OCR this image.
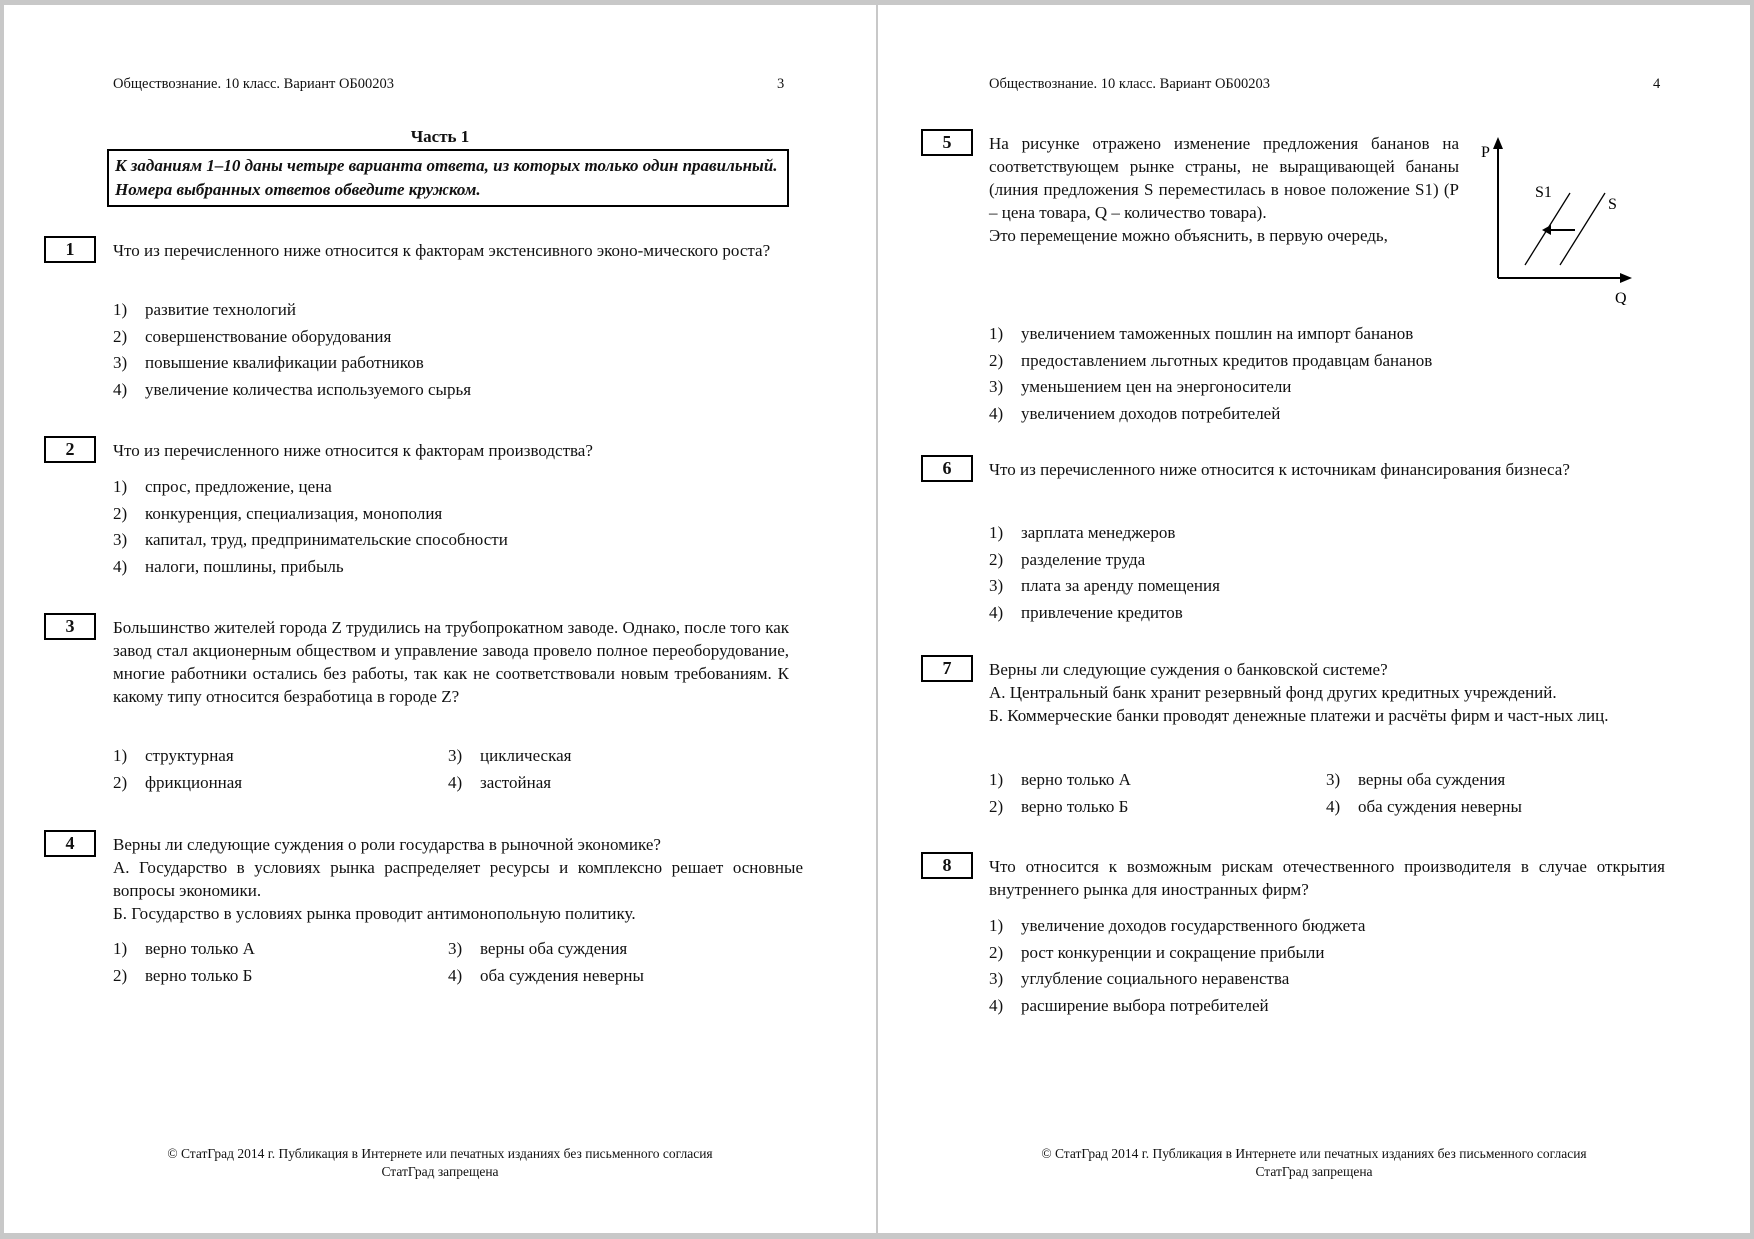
Обществознание. 10 класс. Вариант ОБ00203	3
Часть 1
К заданиям 1–10 даны четыре варианта ответа, из которых только один правильный. Номера выбранных ответов обведите кружком.
1	Что из перечисленного ниже относится к факторам экстенсивного эконо-мического роста?
1) развитие технологий
2) совершенствование оборудования
3) повышение квалификации работников
4) увеличение количества используемого сырья
2	Что из перечисленного ниже относится к факторам производства?
1) спрос, предложение, цена
2) конкуренция, специализация, монополия
3) капитал, труд, предпринимательские способности
4) налоги, пошлины, прибыль
3	Большинство жителей города Z трудились на трубопрокатном заводе. Однако, после того как завод стал акционерным обществом и управление завода провело полное переоборудование, многие работники остались без работы, так как не соответствовали новым требованиям. К какому типу относится безработица в городе Z?
1) структурная	3) циклическая
2) фрикционная	4) застойная
4	Верны ли следующие суждения о роли государства в рыночной экономике?
А. Государство в условиях рынка распределяет ресурсы и комплексно решает основные вопросы экономики.
Б. Государство в условиях рынка проводит антимонопольную политику.
1) верно только А	3) верны оба суждения
2) верно только Б	4) оба суждения неверны
© СтатГрад 2014 г. Публикация в Интернете или печатных изданиях без письменного согласия
СтатГрад запрещена
Обществознание. 10 класс. Вариант ОБ00203	4
5	На рисунке отражено изменение предложения бананов на соответствующем рынке страны, не выращивающей бананы (линия предложения S переместилась в новое положение S1) (P – цена товара, Q – количество товара).
Это перемещение можно объяснить, в первую очередь,
P
Q
S1
S
1) увеличением таможенных пошлин на импорт бананов
2) предоставлением льготных кредитов продавцам бананов
3) уменьшением цен на энергоносители
4) увеличением доходов потребителей
6	Что из перечисленного ниже относится к источникам финансирования бизнеса?
1) зарплата менеджеров
2) разделение труда
3) плата за аренду помещения
4) привлечение кредитов
7	Верны ли следующие суждения о банковской системе?
А. Центральный банк хранит резервный фонд других кредитных учреждений.
Б. Коммерческие банки проводят денежные платежи и расчёты фирм и част-ных лиц.
1) верно только А	3) верны оба суждения
2) верно только Б	4) оба суждения неверны
8	Что относится к возможным рискам отечественного производителя в случае открытия внутреннего рынка для иностранных фирм?
1) увеличение доходов государственного бюджета
2) рост конкуренции и сокращение прибыли
3) углубление социального неравенства
4) расширение выбора потребителей
© СтатГрад 2014 г. Публикация в Интернете или печатных изданиях без письменного согласия
СтатГрад запрещена
